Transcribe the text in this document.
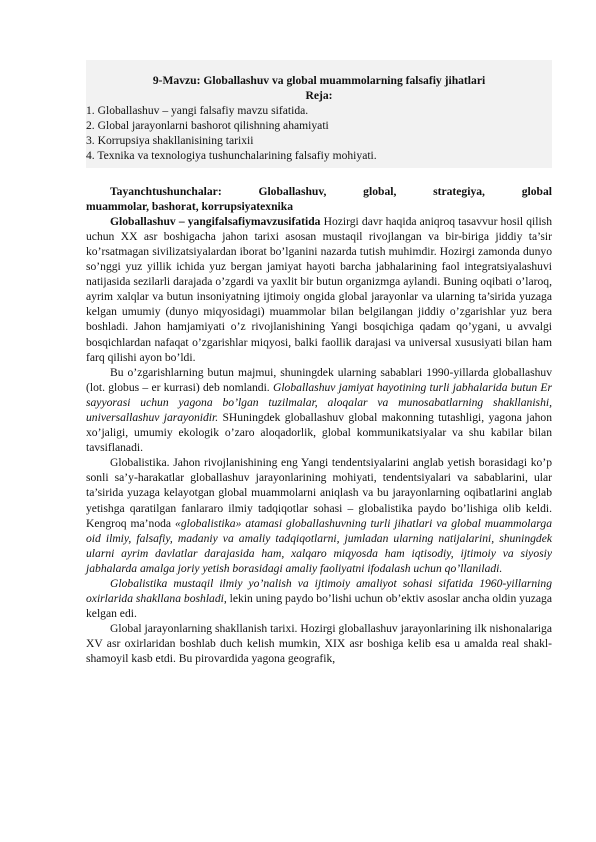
9-Mavzu: Globallashuv va global muammolarning falsafiy jihatlari
Reja:
1. Globallashuv – yangi falsafiy mavzu sifatida.
2. Global jarayonlarni bashorot qilishning ahamiyati
3. Korrupsiya shakllanisining tarixii
4. Texnika va texnologiya tushunchalarining falsafiy mohiyati.

Tayanchtushunchalar: Globallashuv, global, strategiya, global

muammolar, bashorat, korrupsiyatexnika

Globallashuv – yangifalsafiymavzusifatida Hozirgi davr haqida aniqroq tasavvur hosil qilish uchun XX asr boshigacha jahon tarixi asosan mustaqil rivojlangan va bir-biriga jiddiy ta’sir ko’rsatmagan sivilizatsiyalardan iborat bo’lganini nazarda tutish muhimdir. Hozirgi zamonda dunyo so’nggi yuz yillik ichida yuz bergan jamiyat hayoti barcha jabhalarining faol integratsiyalashuvi natijasida sezilarli darajada o’zgardi va yaxlit bir butun organizmga aylandi. Buning oqibati o’laroq, ayrim xalqlar va butun insoniyatning ijtimoiy ongida global jarayonlar va ularning ta’sirida yuzaga kelgan umumiy (dunyo miqyosidagi) muammolar bilan belgilangan jiddiy o’zgarishlar yuz bera boshladi. Jahon hamjamiyati o’z rivojlanishining Yangi bosqichiga qadam qo’ygani, u avvalgi bosqichlardan nafaqat o’zgarishlar miqyosi, balki faollik darajasi va universal xususiyati bilan ham farq qilishi ayon bo’ldi.

Bu o’zgarishlarning butun majmui, shuningdek ularning sabablari 1990-yillarda globallashuv (lot. globus – er kurrasi) deb nomlandi. Globallashuv jamiyat hayotining turli jabhalarida butun Er sayyorasi uchun yagona bo’lgan tuzilmalar, aloqalar va munosabatlarning shakllanishi, universallashuv jarayonidir. SHuningdek globallashuv global makonning tutashligi, yagona jahon xo’jaligi, umumiy ekologik o’zaro aloqadorlik, global kommunikatsiyalar va shu kabilar bilan tavsiflanadi.

Globalistika. Jahon rivojlanishining eng Yangi tendentsiyalarini anglab yetish borasidagi ko’p sonli sa’y-harakatlar globallashuv jarayonlarining mohiyati, tendentsiyalari va sabablarini, ular ta’sirida yuzaga kelayotgan global muammolarni aniqlash va bu jarayonlarning oqibatlarini anglab yetishga qaratilgan fanlararo ilmiy tadqiqotlar sohasi – globalistika paydo bo’lishiga olib keldi. Kengroq ma’noda «globalistika» atamasi globallashuvning turli jihatlari va global muammolarga oid ilmiy, falsafiy, madaniy va amaliy tadqiqotlarni, jumladan ularning natijalarini, shuningdek ularni ayrim davlatlar darajasida ham, xalqaro miqyosda ham iqtisodiy, ijtimoiy va siyosiy jabhalarda amalga joriy yetish borasidagi amaliy faoliyatni ifodalash uchun qo’llaniladi.

Globalistika mustaqil ilmiy yo’nalish va ijtimoiy amaliyot sohasi sifatida 1960-yillarning oxirlarida shakllana boshladi, lekin uning paydo bo’lishi uchun ob’ektiv asoslar ancha oldin yuzaga kelgan edi.

Global jarayonlarning shakllanish tarixi. Hozirgi globallashuv jarayonlarining ilk nishonalariga XV asr oxirlaridan boshlab duch kelish mumkin, XIX asr boshiga kelib esa u amalda real shakl-shamoyil kasb etdi. Bu pirovardida yagona geografik,
